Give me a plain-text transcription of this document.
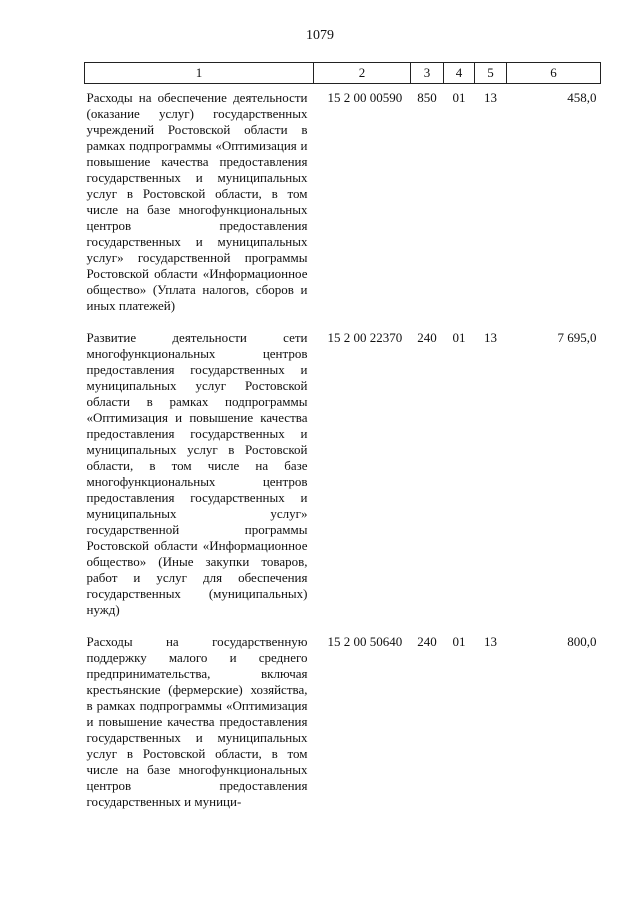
1079
1	2	3	4	5	6
Расходы на обеспечение деятельности (оказание услуг) государственных учреждений Ростовской области в рамках подпрограммы «Оптимизация и повышение качества предоставления государственных и муниципальных услуг в Ростовской области, в том числе на базе многофункциональных центров предоставления государственных и муниципальных услуг» государственной программы Ростовской области «Информационное общество» (Уплата налогов, сборов и иных платежей)	15 2 00 00590	850	01	13	458,0
Развитие деятельности сети многофункциональных центров предоставления государственных и муниципальных услуг Ростовской области в рамках подпрограммы «Оптимизация и повышение качества предоставления государственных и муниципальных услуг в Ростовской области, в том числе на базе многофункциональных центров предоставления государственных и муниципальных услуг» государственной программы Ростовской области «Информационное общество» (Иные закупки товаров, работ и услуг для обеспечения государственных (муниципальных) нужд)	15 2 00 22370	240	01	13	7 695,0
Расходы на государственную поддержку малого и среднего предпринимательства, включая крестьянские (фермерские) хозяйства, в рамках подпрограммы «Оптимизация и повышение качества предоставления государственных и муниципальных услуг в Ростовской области, в том числе на базе многофункциональных центров предоставления государственных и муници-	15 2 00 50640	240	01	13	800,0
